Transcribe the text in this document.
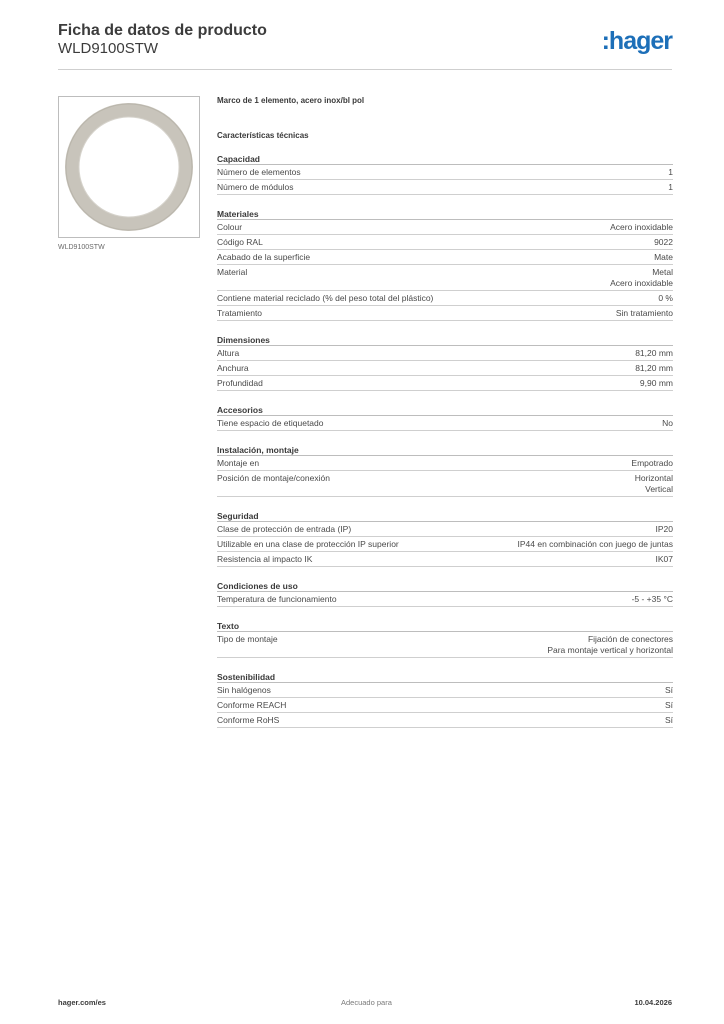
Ficha de datos de producto
WLD9100STW	:hager
WLD9100STW
Marco de 1 elemento, acero inox/bl pol
Características técnicas
Capacidad
Número de elementos	1
Número de módulos	1
Materiales
Colour	Acero inoxidable
Código RAL	9022
Acabado de la superficie	Mate
Material	Metal
Acero inoxidable
Contiene material reciclado (% del peso total del plástico)	0 %
Tratamiento	Sin tratamiento
Dimensiones
Altura	81,20 mm
Anchura	81,20 mm
Profundidad	9,90 mm
Accesorios
Tiene espacio de etiquetado	No
Instalación, montaje
Montaje en	Empotrado
Posición de montaje/conexión	Horizontal
Vertical
Seguridad
Clase de protección de entrada (IP)	IP20
Utilizable en una clase de protección IP superior	IP44 en combinación con juego de juntas
Resistencia al impacto IK	IK07
Condiciones de uso
Temperatura de funcionamiento	-5 - +35 °C
Texto
Tipo de montaje	Fijación de conectores
Para montaje vertical y horizontal
Sostenibilidad
Sin halógenos	Sí
Conforme REACH	Sí
Conforme RoHS	Sí
hager.com/es	Adecuado para	10.04.2026
